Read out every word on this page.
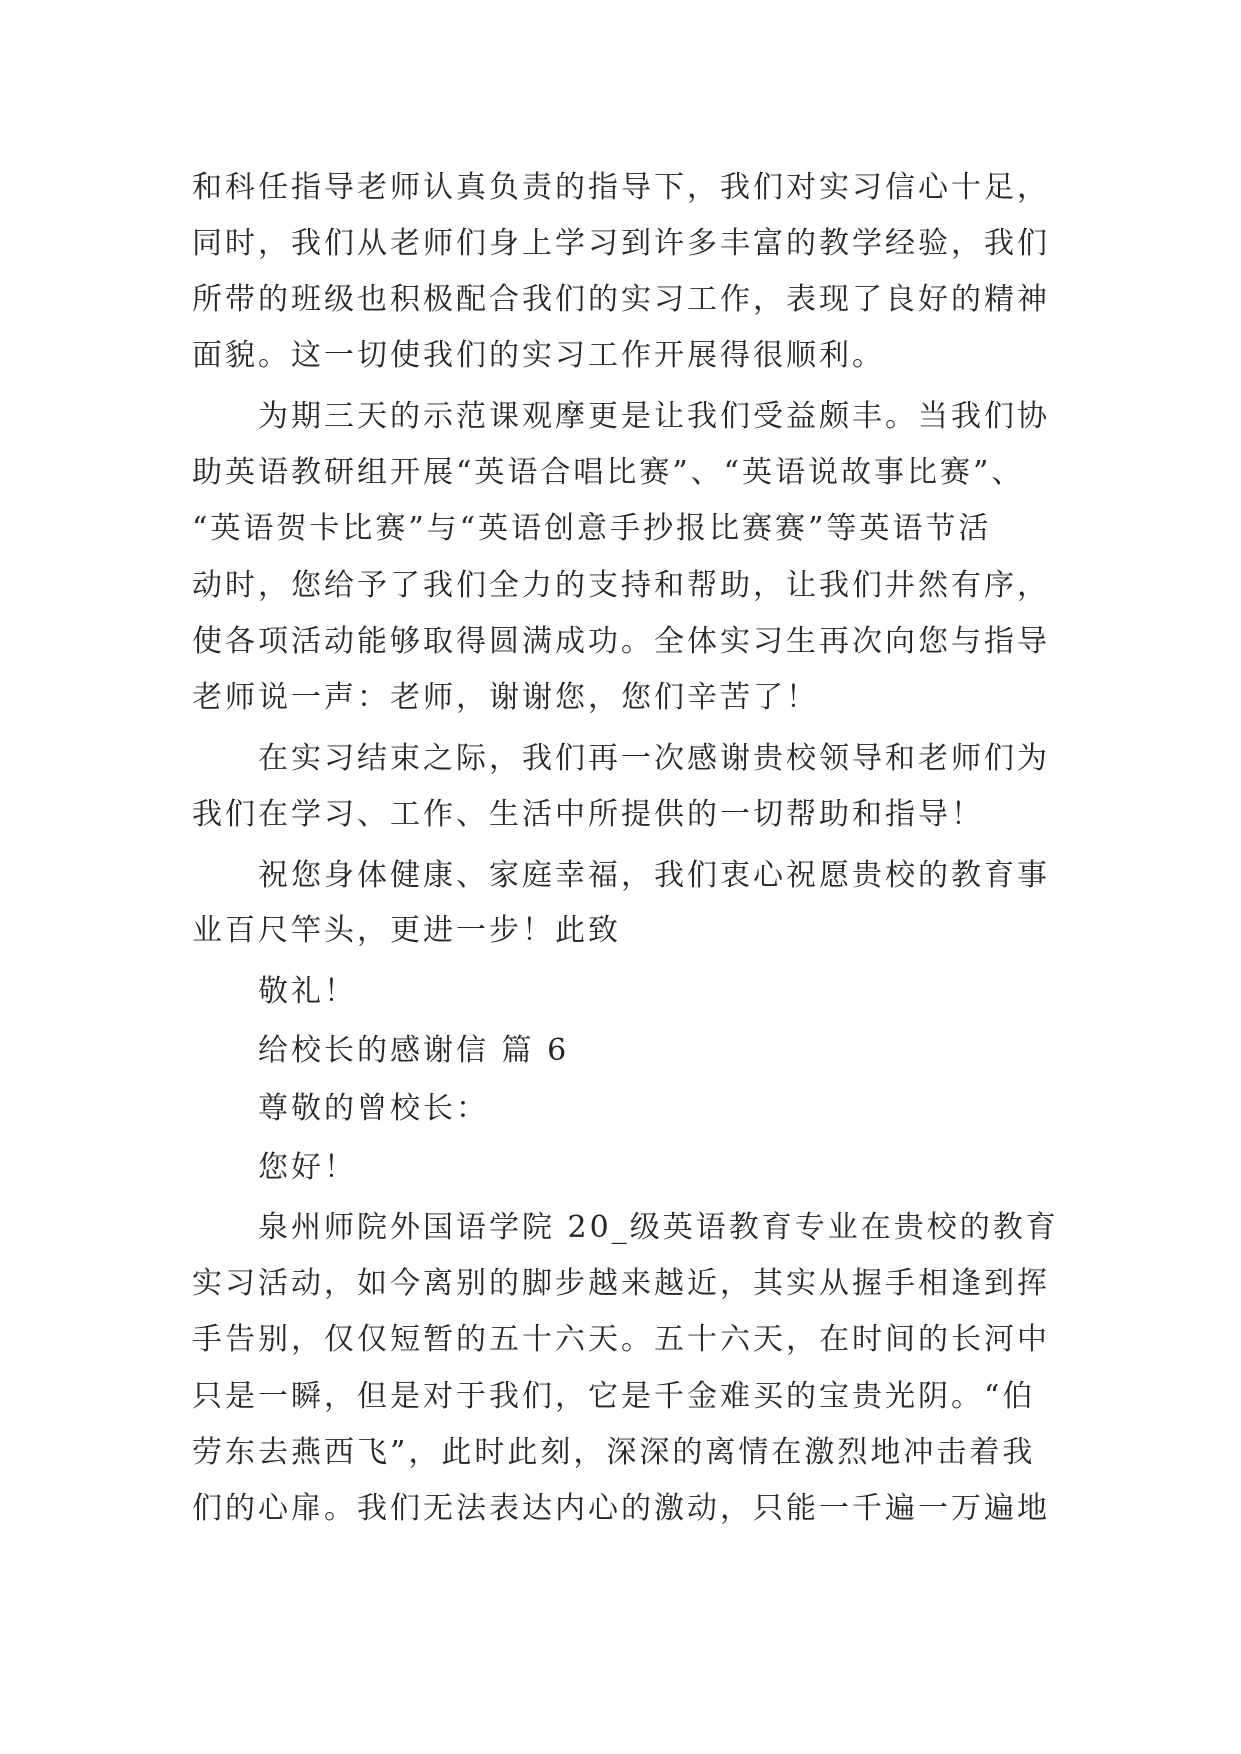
和科任指导老师认真负责的指导下，我们对实习信心十足，
同时，我们从老师们身上学习到许多丰富的教学经验，我们
所带的班级也积极配合我们的实习工作，表现了良好的精神
面貌。这一切使我们的实习工作开展得很顺利。
为期三天的示范课观摩更是让我们受益颇丰。当我们协
助英语教研组开展“英语合唱比赛”、“英语说故事比赛”、
“英语贺卡比赛”与“英语创意手抄报比赛赛”等英语节活
动时，您给予了我们全力的支持和帮助，让我们井然有序，
使各项活动能够取得圆满成功。全体实习生再次向您与指导
老师说一声：老师，谢谢您，您们辛苦了！
在实习结束之际，我们再一次感谢贵校领导和老师们为
我们在学习、工作、生活中所提供的一切帮助和指导！
祝您身体健康、家庭幸福，我们衷心祝愿贵校的教育事
业百尺竿头，更进一步！此致
敬礼！
给校长的感谢信 篇 6
尊敬的曾校长：
您好！
泉州师院外国语学院 20_级英语教育专业在贵校的教育
实习活动，如今离别的脚步越来越近，其实从握手相逢到挥
手告别，仅仅短暂的五十六天。五十六天，在时间的长河中
只是一瞬，但是对于我们，它是千金难买的宝贵光阴。“伯
劳东去燕西飞”，此时此刻，深深的离情在激烈地冲击着我
们的心扉。我们无法表达内心的激动，只能一千遍一万遍地
